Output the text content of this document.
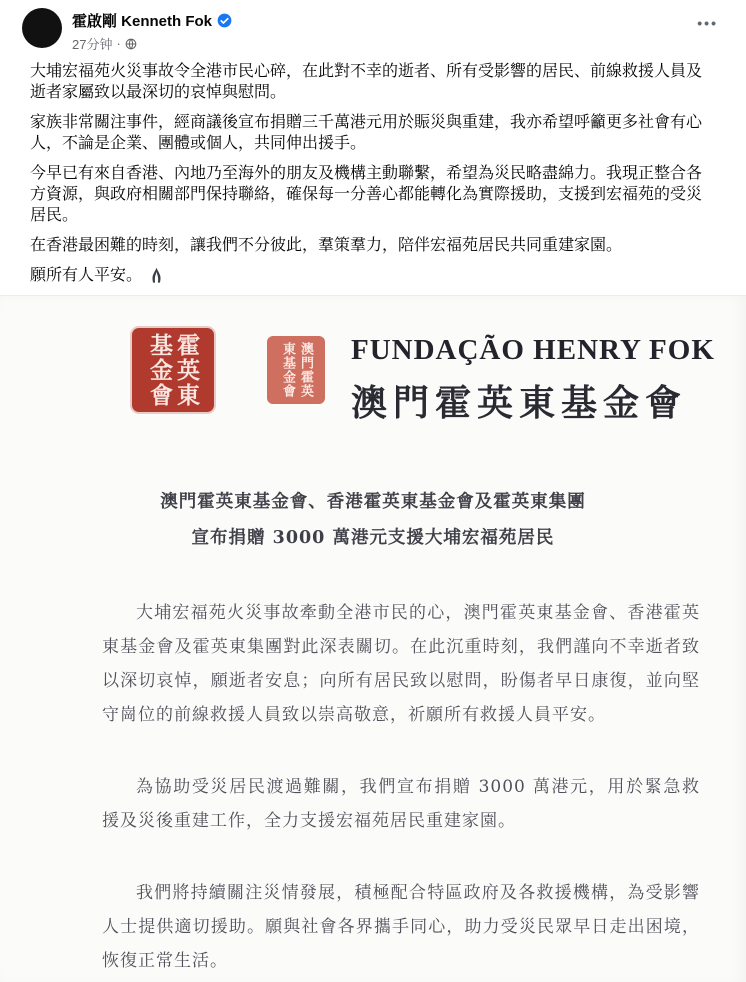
霍啟剛 Kenneth Fok
27分钟 ·
•••

大埔宏福苑火災事故令全港市民心碎，在此對不幸的逝者、所有受影響的居民、前線救援人員及逝者家屬致以最深切的哀悼與慰問。

家族非常關注事件，經商議後宣布捐贈三千萬港元用於賑災與重建，我亦希望呼籲更多社會有心人，不論是企業、團體或個人，共同伸出援手。

今早已有來自香港、內地乃至海外的朋友及機構主動聯繫，希望為災民略盡綿力。我現正整合各方資源，與政府相關部門保持聯絡，確保每一分善心都能轉化為實際援助，支援到宏福苑的受災居民。

在香港最困難的時刻，讓我們不分彼此，羣策羣力，陪伴宏福苑居民共同重建家園。

願所有人平安。

霍英東基金會	澳門霍英東基金會	FUNDAÇÃO HENRY FOK
澳門霍英東基金會
澳門霍英東基金會、香港霍英東基金會及霍英東集團
宣布捐贈 3000 萬港元支援大埔宏福苑居民

大埔宏福苑火災事故牽動全港市民的心，澳門霍英東基金會、香港霍英東基金會及霍英東集團對此深表關切。在此沉重時刻，我們謹向不幸逝者致以深切哀悼，願逝者安息；向所有居民致以慰問，盼傷者早日康復，並向堅守崗位的前線救援人員致以崇高敬意，祈願所有救援人員平安。

為協助受災居民渡過難關，我們宣布捐贈 3000 萬港元，用於緊急救援及災後重建工作，全力支援宏福苑居民重建家園。

我們將持續關注災情發展，積極配合特區政府及各救援機構，為受影響人士提供適切援助。願與社會各界攜手同心，助力受災民眾早日走出困境，恢復正常生活。
